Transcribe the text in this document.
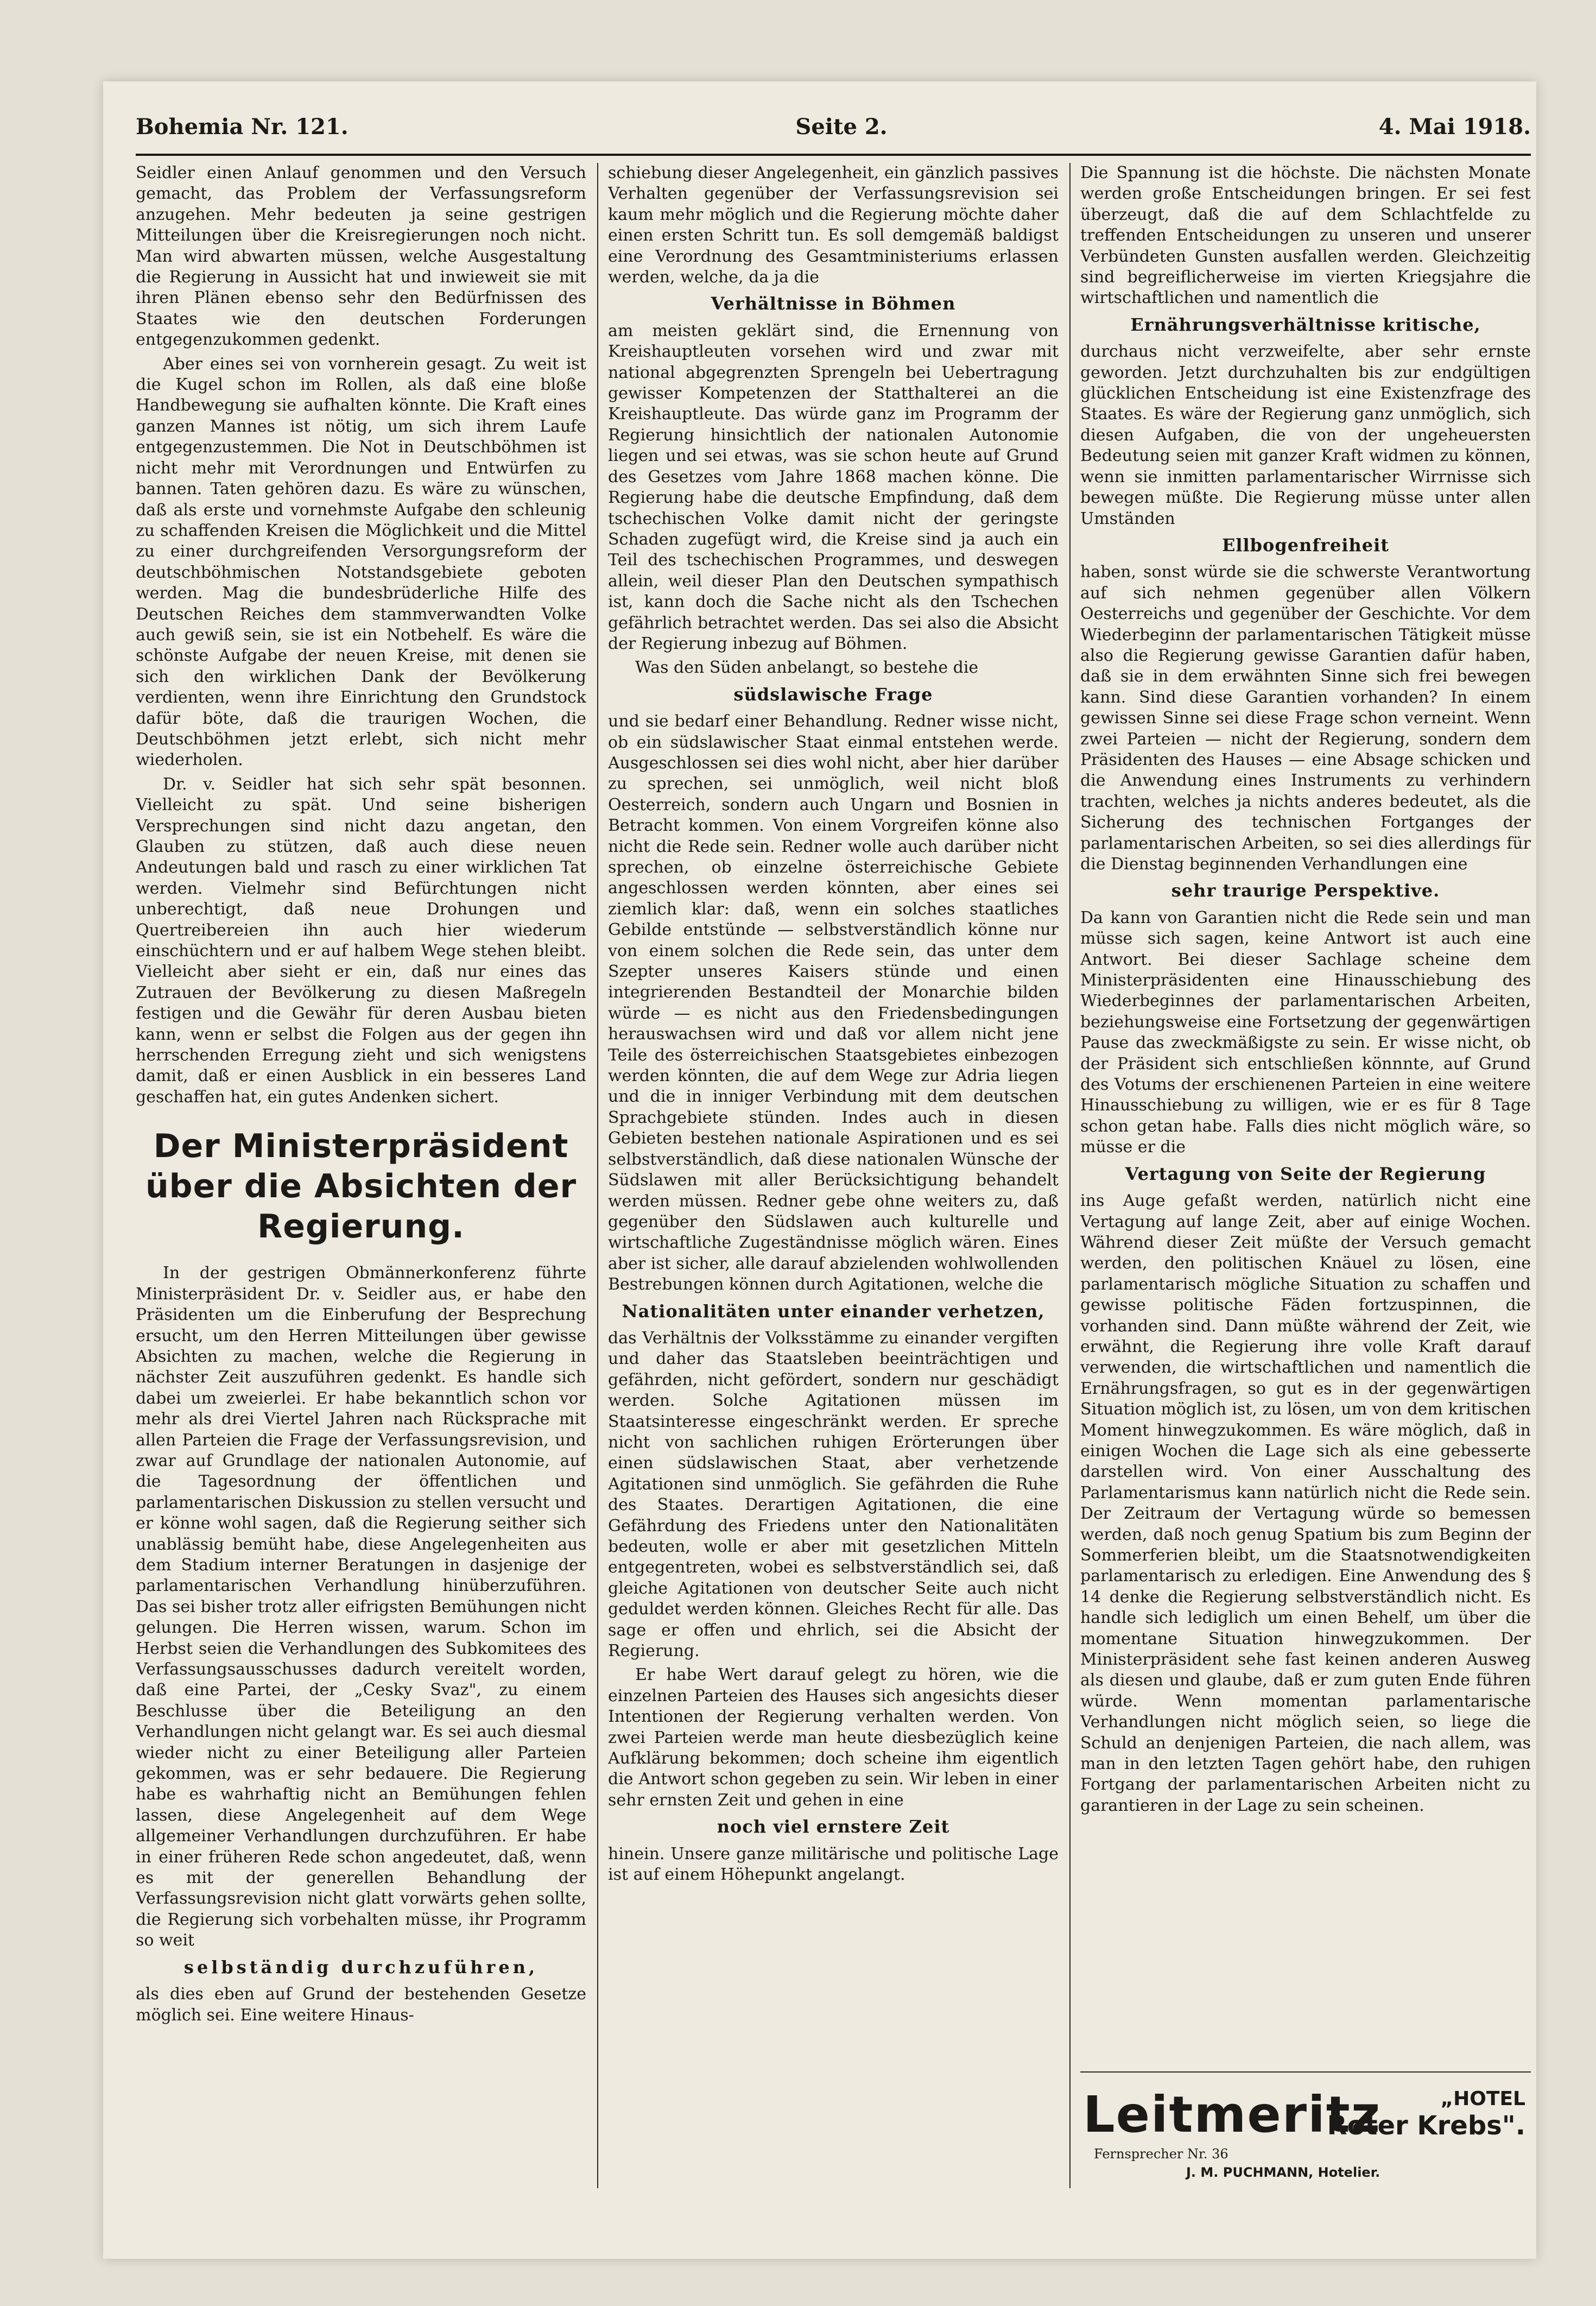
Bohemia Nr. 121.	Seite 2.	4. Mai 1918.

Seidler einen Anlauf genommen und den Versuch gemacht, das Problem der Verfassungsreform anzugehen. Mehr bedeuten ja seine gestrigen Mitteilungen über die Kreisregierungen noch nicht. Man wird abwarten müssen, welche Ausgestaltung die Regierung in Aussicht hat und inwieweit sie mit ihren Plänen ebenso sehr den Bedürfnissen des Staates wie den deutschen Forderungen entgegenzukommen gedenkt.

Aber eines sei von vornherein gesagt. Zu weit ist die Kugel schon im Rollen, als daß eine bloße Handbewegung sie aufhalten könnte. Die Kraft eines ganzen Mannes ist nötig, um sich ihrem Laufe entgegenzustemmen. Die Not in Deutschböhmen ist nicht mehr mit Verordnungen und Entwürfen zu bannen. Taten gehören dazu. Es wäre zu wünschen, daß als erste und vornehmste Aufgabe den schleunig zu schaffenden Kreisen die Möglichkeit und die Mittel zu einer durchgreifenden Versorgungsreform der deutschböhmischen Notstandsgebiete geboten werden. Mag die bundesbrüderliche Hilfe des Deutschen Reiches dem stammverwandten Volke auch gewiß sein, sie ist ein Notbehelf. Es wäre die schönste Aufgabe der neuen Kreise, mit denen sie sich den wirklichen Dank der Bevölkerung verdienten, wenn ihre Einrichtung den Grundstock dafür böte, daß die traurigen Wochen, die Deutschböhmen jetzt erlebt, sich nicht mehr wiederholen.

Dr. v. Seidler hat sich sehr spät besonnen. Vielleicht zu spät. Und seine bisherigen Versprechungen sind nicht dazu angetan, den Glauben zu stützen, daß auch diese neuen Andeutungen bald und rasch zu einer wirklichen Tat werden. Vielmehr sind Befürchtungen nicht unberechtigt, daß neue Drohungen und Quertreibereien ihn auch hier wiederum einschüchtern und er auf halbem Wege stehen bleibt. Vielleicht aber sieht er ein, daß nur eines das Zutrauen der Bevölkerung zu diesen Maßregeln festigen und die Gewähr für deren Ausbau bieten kann, wenn er selbst die Folgen aus der gegen ihn herrschenden Erregung zieht und sich wenigstens damit, daß er einen Ausblick in ein besseres Land geschaffen hat, ein gutes Andenken sichert.

Der Ministerpräsident
über die Absichten der Regierung.

In der gestrigen Obmännerkonferenz führte Ministerpräsident Dr. v. Seidler aus, er habe den Präsidenten um die Einberufung der Besprechung ersucht, um den Herren Mitteilungen über gewisse Absichten zu machen, welche die Regierung in nächster Zeit auszuführen gedenkt. Es handle sich dabei um zweierlei. Er habe bekanntlich schon vor mehr als drei Viertel Jahren nach Rücksprache mit allen Parteien die Frage der Verfassungsrevision, und zwar auf Grundlage der nationalen Autonomie, auf die Tagesordnung der öffentlichen und parlamentarischen Diskussion zu stellen versucht und er könne wohl sagen, daß die Regierung seither sich unablässig bemüht habe, diese Angelegenheiten aus dem Stadium interner Beratungen in dasjenige der parlamentarischen Verhandlung hinüberzuführen. Das sei bisher trotz aller eifrigsten Bemühungen nicht gelungen. Die Herren wissen, warum. Schon im Herbst seien die Verhandlungen des Subkomitees des Verfassungsausschusses dadurch vereitelt worden, daß eine Partei, der „Cesky Svaz", zu einem Beschlusse über die Beteiligung an den Verhandlungen nicht gelangt war. Es sei auch diesmal wieder nicht zu einer Beteiligung aller Parteien gekommen, was er sehr bedauere. Die Regierung habe es wahrhaftig nicht an Bemühungen fehlen lassen, diese Angelegenheit auf dem Wege allgemeiner Verhandlungen durchzuführen. Er habe in einer früheren Rede schon angedeutet, daß, wenn es mit der generellen Behandlung der Verfassungsrevision nicht glatt vorwärts gehen sollte, die Regierung sich vorbehalten müsse, ihr Programm so weit

selbständig durchzuführen,

als dies eben auf Grund der bestehenden Gesetze möglich sei. Eine weitere Hinaus-

schiebung dieser Angelegenheit, ein gänzlich passives Verhalten gegenüber der Verfassungsrevision sei kaum mehr möglich und die Regierung möchte daher einen ersten Schritt tun. Es soll demgemäß baldigst eine Verordnung des Gesamtministeriums erlassen werden, welche, da ja die

Verhältnisse in Böhmen

am meisten geklärt sind, die Ernennung von Kreishauptleuten vorsehen wird und zwar mit national abgegrenzten Sprengeln bei Uebertragung gewisser Kompetenzen der Statthalterei an die Kreishauptleute. Das würde ganz im Programm der Regierung hinsichtlich der nationalen Autonomie liegen und sei etwas, was sie schon heute auf Grund des Gesetzes vom Jahre 1868 machen könne. Die Regierung habe die deutsche Empfindung, daß dem tschechischen Volke damit nicht der geringste Schaden zugefügt wird, die Kreise sind ja auch ein Teil des tschechischen Programmes, und deswegen allein, weil dieser Plan den Deutschen sympathisch ist, kann doch die Sache nicht als den Tschechen gefährlich betrachtet werden. Das sei also die Absicht der Regierung inbezug auf Böhmen.

Was den Süden anbelangt, so bestehe die

südslawische Frage

und sie bedarf einer Behandlung. Redner wisse nicht, ob ein südslawischer Staat einmal entstehen werde. Ausgeschlossen sei dies wohl nicht, aber hier darüber zu sprechen, sei unmöglich, weil nicht bloß Oesterreich, sondern auch Ungarn und Bosnien in Betracht kommen. Von einem Vorgreifen könne also nicht die Rede sein. Redner wolle auch darüber nicht sprechen, ob einzelne österreichische Gebiete angeschlossen werden könnten, aber eines sei ziemlich klar: daß, wenn ein solches staatliches Gebilde entstünde — selbstverständlich könne nur von einem solchen die Rede sein, das unter dem Szepter unseres Kaisers stünde und einen integrierenden Bestandteil der Monarchie bilden würde — es nicht aus den Friedensbedingungen herauswachsen wird und daß vor allem nicht jene Teile des österreichischen Staatsgebietes einbezogen werden könnten, die auf dem Wege zur Adria liegen und die in inniger Verbindung mit dem deutschen Sprachgebiete stünden. Indes auch in diesen Gebieten bestehen nationale Aspirationen und es sei selbstverständlich, daß diese nationalen Wünsche der Südslawen mit aller Berücksichtigung behandelt werden müssen. Redner gebe ohne weiters zu, daß gegenüber den Südslawen auch kulturelle und wirtschaftliche Zugeständnisse möglich wären. Eines aber ist sicher, alle darauf abzielenden wohlwollenden Bestrebungen können durch Agitationen, welche die

Nationalitäten unter einander verhetzen,

das Verhältnis der Volksstämme zu einander vergiften und daher das Staatsleben beeinträchtigen und gefährden, nicht gefördert, sondern nur geschädigt werden. Solche Agitationen müssen im Staatsinteresse eingeschränkt werden. Er spreche nicht von sachlichen ruhigen Erörterungen über einen südslawischen Staat, aber verhetzende Agitationen sind unmöglich. Sie gefährden die Ruhe des Staates. Derartigen Agitationen, die eine Gefährdung des Friedens unter den Nationalitäten bedeuten, wolle er aber mit gesetzlichen Mitteln entgegentreten, wobei es selbstverständlich sei, daß gleiche Agitationen von deutscher Seite auch nicht geduldet werden können. Gleiches Recht für alle. Das sage er offen und ehrlich, sei die Absicht der Regierung.

Er habe Wert darauf gelegt zu hören, wie die einzelnen Parteien des Hauses sich angesichts dieser Intentionen der Regierung verhalten werden. Von zwei Parteien werde man heute diesbezüglich keine Aufklärung bekommen; doch scheine ihm eigentlich die Antwort schon gegeben zu sein. Wir leben in einer sehr ernsten Zeit und gehen in eine

noch viel ernstere Zeit

hinein. Unsere ganze militärische und politische Lage ist auf einem Höhepunkt angelangt.

Die Spannung ist die höchste. Die nächsten Monate werden große Entscheidungen bringen. Er sei fest überzeugt, daß die auf dem Schlachtfelde zu treffenden Entscheidungen zu unseren und unserer Verbündeten Gunsten ausfallen werden. Gleichzeitig sind begreiflicherweise im vierten Kriegsjahre die wirtschaftlichen und namentlich die

Ernährungsverhältnisse kritische,

durchaus nicht verzweifelte, aber sehr ernste geworden. Jetzt durchzuhalten bis zur endgültigen glücklichen Entscheidung ist eine Existenzfrage des Staates. Es wäre der Regierung ganz unmöglich, sich diesen Aufgaben, die von der ungeheuersten Bedeutung seien mit ganzer Kraft widmen zu können, wenn sie inmitten parlamentarischer Wirrnisse sich bewegen müßte. Die Regierung müsse unter allen Umständen

Ellbogenfreiheit

haben, sonst würde sie die schwerste Verantwortung auf sich nehmen gegenüber allen Völkern Oesterreichs und gegenüber der Geschichte. Vor dem Wiederbeginn der parlamentarischen Tätigkeit müsse also die Regierung gewisse Garantien dafür haben, daß sie in dem erwähnten Sinne sich frei bewegen kann. Sind diese Garantien vorhanden? In einem gewissen Sinne sei diese Frage schon verneint. Wenn zwei Parteien — nicht der Regierung, sondern dem Präsidenten des Hauses — eine Absage schicken und die Anwendung eines Instruments zu verhindern trachten, welches ja nichts anderes bedeutet, als die Sicherung des technischen Fortganges der parlamentarischen Arbeiten, so sei dies allerdings für die Dienstag beginnenden Verhandlungen eine

sehr traurige Perspektive.

Da kann von Garantien nicht die Rede sein und man müsse sich sagen, keine Antwort ist auch eine Antwort. Bei dieser Sachlage scheine dem Ministerpräsidenten eine Hinausschiebung des Wiederbeginnes der parlamentarischen Arbeiten, beziehungsweise eine Fortsetzung der gegenwärtigen Pause das zweckmäßigste zu sein. Er wisse nicht, ob der Präsident sich entschließen könnnte, auf Grund des Votums der erschienenen Parteien in eine weitere Hinausschiebung zu willigen, wie er es für 8 Tage schon getan habe. Falls dies nicht möglich wäre, so müsse er die

Vertagung von Seite der Regierung

ins Auge gefaßt werden, natürlich nicht eine Vertagung auf lange Zeit, aber auf einige Wochen. Während dieser Zeit müßte der Versuch gemacht werden, den politischen Knäuel zu lösen, eine parlamentarisch mögliche Situation zu schaffen und gewisse politische Fäden fortzuspinnen, die vorhanden sind. Dann müßte während der Zeit, wie erwähnt, die Regierung ihre volle Kraft darauf verwenden, die wirtschaftlichen und namentlich die Ernährungsfragen, so gut es in der gegenwärtigen Situation möglich ist, zu lösen, um von dem kritischen Moment hinwegzukommen. Es wäre möglich, daß in einigen Wochen die Lage sich als eine gebesserte darstellen wird. Von einer Ausschaltung des Parlamentarismus kann natürlich nicht die Rede sein. Der Zeitraum der Vertagung würde so bemessen werden, daß noch genug Spatium bis zum Beginn der Sommerferien bleibt, um die Staatsnotwendigkeiten parlamentarisch zu erledigen. Eine Anwendung des § 14 denke die Regierung selbstverständlich nicht. Es handle sich lediglich um einen Behelf, um über die momentane Situation hinwegzukommen. Der Ministerpräsident sehe fast keinen anderen Ausweg als diesen und glaube, daß er zum guten Ende führen würde. Wenn momentan parlamentarische Verhandlungen nicht möglich seien, so liege die Schuld an denjenigen Parteien, die nach allem, was man in den letzten Tagen gehört habe, den ruhigen Fortgang der parlamentarischen Arbeiten nicht zu garantieren in der Lage zu sein scheinen.

Leitmeritz	„HOTEL
Roter Krebs".
Fernsprecher Nr. 36
J. M. PUCHMANN, Hotelier.
